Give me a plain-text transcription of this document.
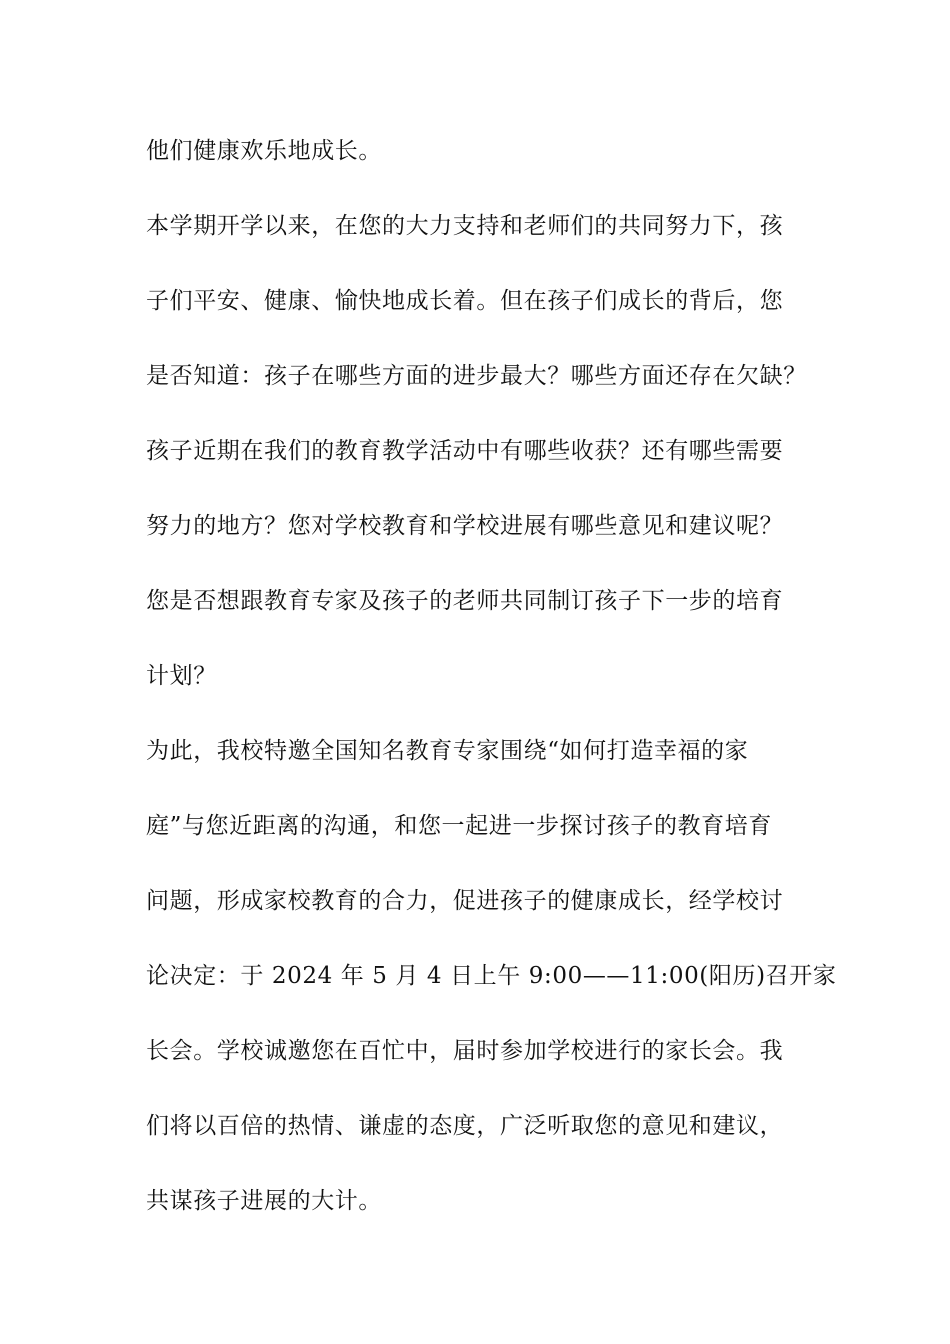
他们健康欢乐地成长。
本学期开学以来，在您的大力支持和老师们的共同努力下，孩
子们平安、健康、愉快地成长着。但在孩子们成长的背后，您
是否知道：孩子在哪些方面的进步最大？哪些方面还存在欠缺？
孩子近期在我们的教育教学活动中有哪些收获？还有哪些需要
努力的地方？您对学校教育和学校进展有哪些意见和建议呢？
您是否想跟教育专家及孩子的老师共同制订孩子下一步的培育
计划？
为此，我校特邀全国知名教育专家围绕“如何打造幸福的家
庭”与您近距离的沟通，和您一起进一步探讨孩子的教育培育
问题，形成家校教育的合力，促进孩子的健康成长，经学校讨
论决定：于 2024 年 5 月 4 日上午 9:00——11:00(阳历)召开家
长会。学校诚邀您在百忙中，届时参加学校进行的家长会。我
们将以百倍的热情、谦虚的态度，广泛听取您的意见和建议，
共谋孩子进展的大计。
